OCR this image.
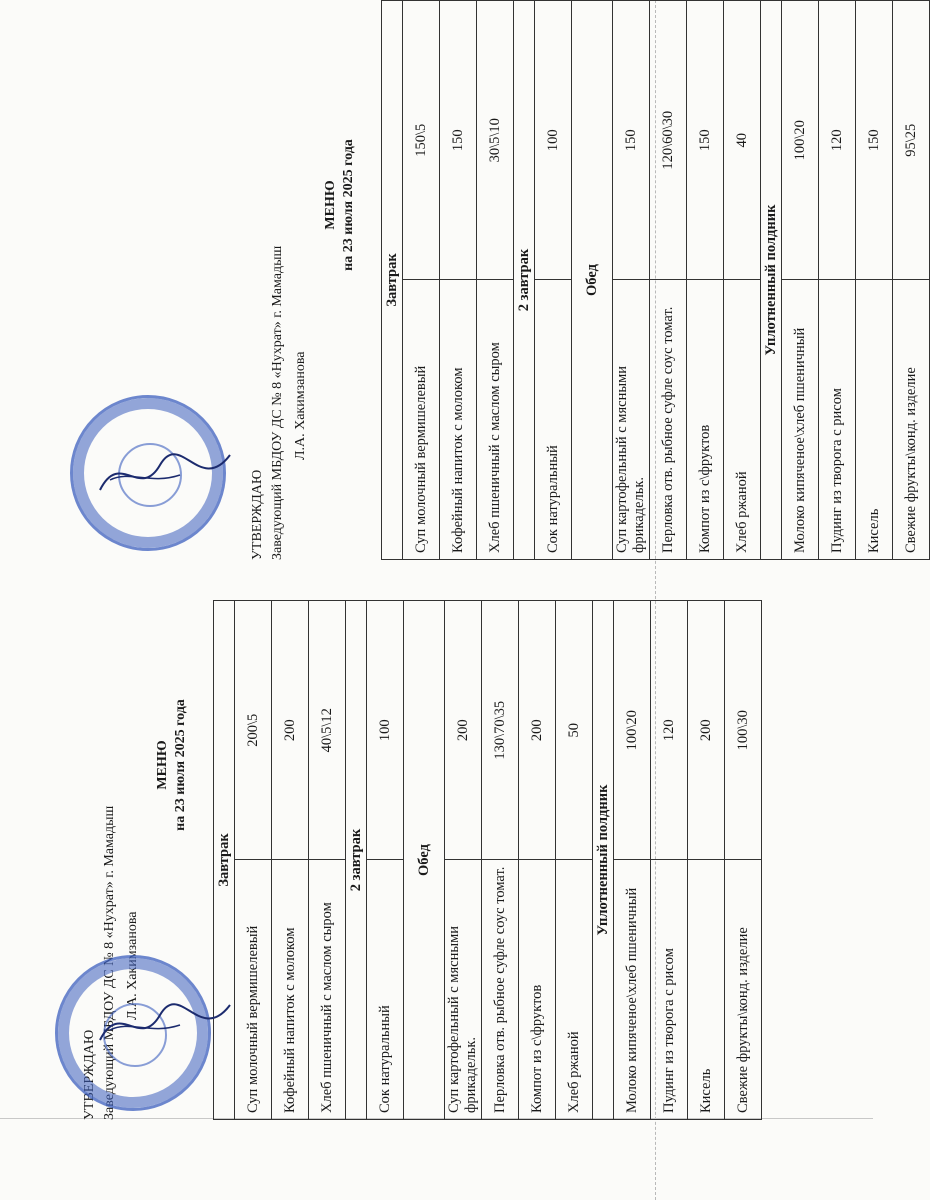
УТВЕРЖДАЮ Заведующий МБДОУ ДС № 8 «Нухрат» г. Мамадыш Л.А. Хакимзанова
МЕНЮ на 23 июля 2025 года
Завтрак	
Суп молочный вермишелевый	200\5
Кофейный напиток с молоком	200
Хлеб пшеничный с маслом сыром	40\5\12
2 завтрак	
Сок натуральный	100
Обед	
Суп картофельный с мясными фрикадельк.	200
Перловка отв. рыбное суфле соус томат.	130\70\35
Компот из с\фруктов	200
Хлеб ржаной	50
Уплотненный полдник	
Молоко кипяченое\хлеб пшеничный	100\20
Пудинг из творога с рисом	120
Кисель	200
Свежие фрукты\конд. изделие	100\30
УТВЕРЖДАЮ Заведующий МБДОУ ДС № 8 «Нухрат» г. Мамадыш Л.А. Хакимзанова
МЕНЮ на 23 июля 2025 года
Завтрак	
Суп молочный вермишелевый	150\5
Кофейный напиток с молоком	150
Хлеб пшеничный с маслом сыром	30\5\10
2 завтрак	
Сок натуральный	100
Обед	
Суп картофельный с мясными фрикадельк.	150
Перловка отв. рыбное суфле соус томат.	120\60\30
Компот из с\фруктов	150
Хлеб ржаной	40
Уплотненный полдник	
Молоко кипяченое\хлеб пшеничный	100\20
Пудинг из творога с рисом	120
Кисель	150
Свежие фрукты\конд. изделие	95\25
